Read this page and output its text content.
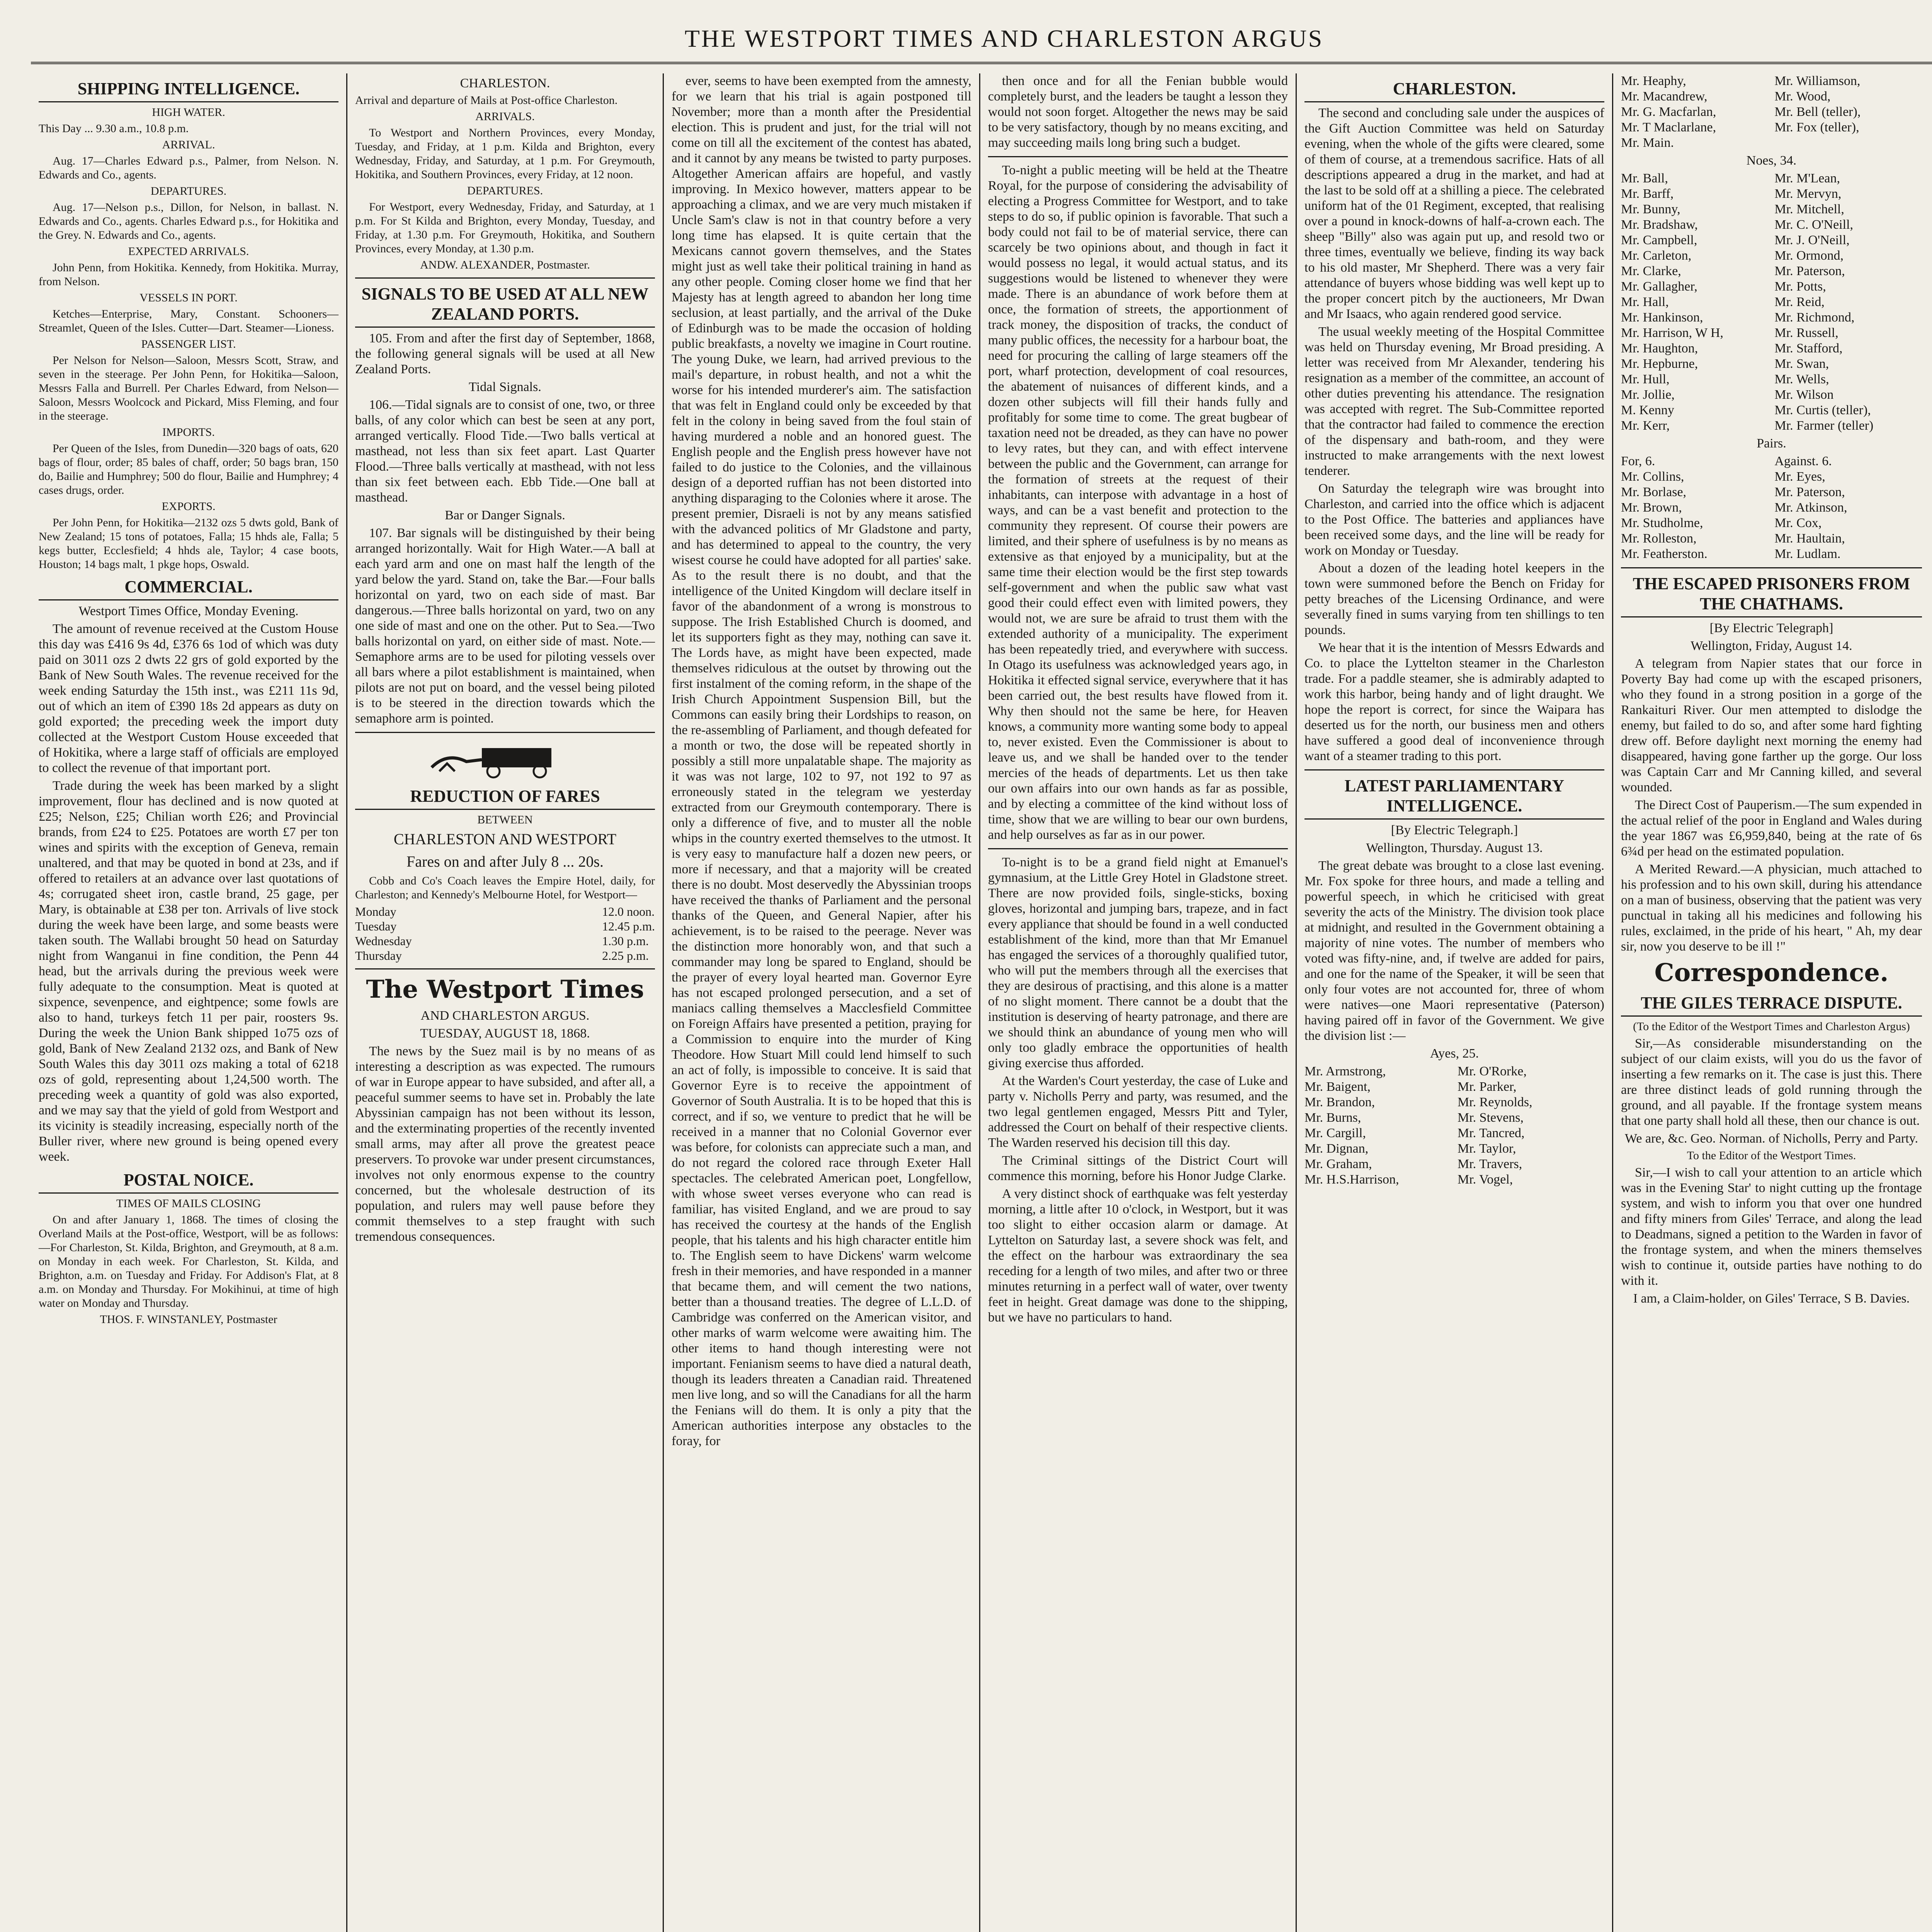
THE WESTPORT TIMES AND CHARLESTON ARGUS
SHIPPING INTELLIGENCE.
HIGH WATER.
This Day ... 9.30 a.m., 10.8 p.m.
ARRIVAL.

Aug. 17—Charles Edward p.s., Palmer, from Nelson. N. Edwards and Co., agents.

DEPARTURES.

Aug. 17—Nelson p.s., Dillon, for Nelson, in ballast. N. Edwards and Co., agents. Charles Edward p.s., for Hokitika and the Grey. N. Edwards and Co., agents.

EXPECTED ARRIVALS.

John Penn, from Hokitika. Kennedy, from Hokitika. Murray, from Nelson.

VESSELS IN PORT.

Ketches—Enterprise, Mary, Constant. Schooners—Streamlet, Queen of the Isles. Cutter—Dart. Steamer—Lioness.

PASSENGER LIST.

Per Nelson for Nelson—Saloon, Messrs Scott, Straw, and seven in the steerage. Per John Penn, for Hokitika—Saloon, Messrs Falla and Burrell. Per Charles Edward, from Nelson—Saloon, Messrs Woolcock and Pickard, Miss Fleming, and four in the steerage.

IMPORTS.

Per Queen of the Isles, from Dunedin—320 bags of oats, 620 bags of flour, order; 85 bales of chaff, order; 50 bags bran, 150 do, Bailie and Humphrey; 500 do flour, Bailie and Humphrey; 4 cases drugs, order.

EXPORTS.

Per John Penn, for Hokitika—2132 ozs 5 dwts gold, Bank of New Zealand; 15 tons of potatoes, Falla; 15 hhds ale, Falla; 5 kegs butter, Ecclesfield; 4 hhds ale, Taylor; 4 case boots, Houston; 14 bags malt, 1 pkge hops, Oswald.

COMMERCIAL.
Westport Times Office, Monday Evening.

The amount of revenue received at the Custom House this day was £416 9s 4d, £376 6s 1od of which was duty paid on 3011 ozs 2 dwts 22 grs of gold exported by the Bank of New South Wales. The revenue received for the week ending Saturday the 15th inst., was £211 11s 9d, out of which an item of £390 18s 2d appears as duty on gold exported; the preceding week the import duty collected at the Westport Custom House exceeded that of Hokitika, where a large staff of officials are employed to collect the revenue of that important port.

Trade during the week has been marked by a slight improvement, flour has declined and is now quoted at £25; Nelson, £25; Chilian worth £26; and Provincial brands, from £24 to £25. Potatoes are worth £7 per ton wines and spirits with the exception of Geneva, remain unaltered, and that may be quoted in bond at 23s, and if offered to retailers at an advance over last quotations of 4s; corrugated sheet iron, castle brand, 25 gage, per Mary, is obtainable at £38 per ton. Arrivals of live stock during the week have been large, and some beasts were taken south. The Wallabi brought 50 head on Saturday night from Wanganui in fine condition, the Penn 44 head, but the arrivals during the previous week were fully adequate to the consumption. Meat is quoted at sixpence, sevenpence, and eightpence; some fowls are also to hand, turkeys fetch 11 per pair, roosters 9s. During the week the Union Bank shipped 1o75 ozs of gold, Bank of New Zealand 2132 ozs, and Bank of New South Wales this day 3011 ozs making a total of 6218 ozs of gold, representing about 1,24,500 worth. The preceding week a quantity of gold was also exported, and we may say that the yield of gold from Westport and its vicinity is steadily increasing, especially north of the Buller river, where new ground is being opened every week.

POSTAL NOICE.
TIMES OF MAILS CLOSING

On and after January 1, 1868. The times of closing the Overland Mails at the Post-office, Westport, will be as follows:—For Charleston, St. Kilda, Brighton, and Greymouth, at 8 a.m. on Monday in each week. For Charleston, St. Kilda, and Brighton, a.m. on Tuesday and Friday. For Addison's Flat, at 8 a.m. on Monday and Thursday. For Mokihinui, at time of high water on Monday and Thursday.

THOS. F. WINSTANLEY, Postmaster
CHARLESTON.
Arrival and departure of Mails at Post-office Charleston.
ARRIVALS.

To Westport and Northern Provinces, every Monday, Tuesday, and Friday, at 1 p.m. Kilda and Brighton, every Wednesday, Friday, and Saturday, at 1 p.m. For Greymouth, Hokitika, and Southern Provinces, every Friday, at 12 noon.

DEPARTURES.

For Westport, every Wednesday, Friday, and Saturday, at 1 p.m. For St Kilda and Brighton, every Monday, Tuesday, and Friday, at 1.30 p.m. For Greymouth, Hokitika, and Southern Provinces, every Monday, at 1.30 p.m.

ANDW. ALEXANDER, Postmaster.
SIGNALS TO BE USED AT ALL NEW ZEALAND PORTS.

105. From and after the first day of September, 1868, the following general signals will be used at all New Zealand Ports.

Tidal Signals.

106.—Tidal signals are to consist of one, two, or three balls, of any color which can best be seen at any port, arranged vertically. Flood Tide.—Two balls vertical at masthead, not less than six feet apart. Last Quarter Flood.—Three balls vertically at masthead, with not less than six feet between each. Ebb Tide.—One ball at masthead.

Bar or Danger Signals.

107. Bar signals will be distinguished by their being arranged horizontally. Wait for High Water.—A ball at each yard arm and one on mast half the length of the yard below the yard. Stand on, take the Bar.—Four balls horizontal on yard, two on each side of mast. Bar dangerous.—Three balls horizontal on yard, two on any one side of mast and one on the other. Put to Sea.—Two balls horizontal on yard, on either side of mast. Note.—Semaphore arms are to be used for piloting vessels over all bars where a pilot establishment is maintained, when pilots are not put on board, and the vessel being piloted is to be steered in the direction towards which the semaphore arm is pointed.

REDUCTION OF FARES
BETWEEN
CHARLESTON AND WESTPORT
Fares on and after July 8 ... 20s.

Cobb and Co's Coach leaves the Empire Hotel, daily, for Charleston; and Kennedy's Melbourne Hotel, for Westport—

Monday	12.0 noon.
Tuesday	12.45 p.m.
Wednesday	1.30 p.m.
Thursday	2.25 p.m.
The Westport Times
AND CHARLESTON ARGUS.
TUESDAY, AUGUST 18, 1868.

The news by the Suez mail is by no means of as interesting a description as was expected. The rumours of war in Europe appear to have subsided, and after all, a peaceful summer seems to have set in. Probably the late Abyssinian campaign has not been without its lesson, and the exterminating properties of the recently invented small arms, may after all prove the greatest peace preservers. To provoke war under present circumstances, involves not only enormous expense to the country concerned, but the wholesale destruction of its population, and rulers may well pause before they commit themselves to a step fraught with such tremendous consequences.

ever, seems to have been exempted from the amnesty, for we learn that his trial is again postponed till November; more than a month after the Presidential election. This is prudent and just, for the trial will not come on till all the excitement of the contest has abated, and it cannot by any means be twisted to party purposes. Altogether American affairs are hopeful, and vastly improving. In Mexico however, matters appear to be approaching a climax, and we are very much mistaken if Uncle Sam's claw is not in that country before a very long time has elapsed. It is quite certain that the Mexicans cannot govern themselves, and the States might just as well take their political training in hand as any other people. Coming closer home we find that her Majesty has at length agreed to abandon her long time seclusion, at least partially, and the arrival of the Duke of Edinburgh was to be made the occasion of holding public breakfasts, a novelty we imagine in Court routine. The young Duke, we learn, had arrived previous to the mail's departure, in robust health, and not a whit the worse for his intended murderer's aim. The satisfaction that was felt in England could only be exceeded by that felt in the colony in being saved from the foul stain of having murdered a noble and an honored guest. The English people and the English press however have not failed to do justice to the Colonies, and the villainous design of a deported ruffian has not been distorted into anything disparaging to the Colonies where it arose. The present premier, Disraeli is not by any means satisfied with the advanced politics of Mr Gladstone and party, and has determined to appeal to the country, the very wisest course he could have adopted for all parties' sake. As to the result there is no doubt, and that the intelligence of the United Kingdom will declare itself in favor of the abandonment of a wrong is monstrous to suppose. The Irish Established Church is doomed, and let its supporters fight as they may, nothing can save it. The Lords have, as might have been expected, made themselves ridiculous at the outset by throwing out the first instalment of the coming reform, in the shape of the Irish Church Appointment Suspension Bill, but the Commons can easily bring their Lordships to reason, on the re-assembling of Parliament, and though defeated for a month or two, the dose will be repeated shortly in possibly a still more unpalatable shape. The majority as it was was not large, 102 to 97, not 192 to 97 as erroneously stated in the telegram we yesterday extracted from our Greymouth contemporary. There is only a difference of five, and to muster all the noble whips in the country exerted themselves to the utmost. It is very easy to manufacture half a dozen new peers, or more if necessary, and that a majority will be created there is no doubt. Most deservedly the Abyssinian troops have received the thanks of Parliament and the personal thanks of the Queen, and General Napier, after his achievement, is to be raised to the peerage. Never was the distinction more honorably won, and that such a commander may long be spared to England, should be the prayer of every loyal hearted man. Governor Eyre has not escaped prolonged persecution, and a set of maniacs calling themselves a Macclesfield Committee on Foreign Affairs have presented a petition, praying for a Commission to enquire into the murder of King Theodore. How Stuart Mill could lend himself to such an act of folly, is impossible to conceive. It is said that Governor Eyre is to receive the appointment of Governor of South Australia. It is to be hoped that this is correct, and if so, we venture to predict that he will be received in a manner that no Colonial Governor ever was before, for colonists can appreciate such a man, and do not regard the colored race through Exeter Hall spectacles. The celebrated American poet, Longfellow, with whose sweet verses everyone who can read is familiar, has visited England, and we are proud to say has received the courtesy at the hands of the English people, that his talents and his high character entitle him to. The English seem to have Dickens' warm welcome fresh in their memories, and have responded in a manner that became them, and will cement the two nations, better than a thousand treaties. The degree of L.L.D. of Cambridge was conferred on the American visitor, and other marks of warm welcome were awaiting him. The other items to hand though interesting were not important. Fenianism seems to have died a natural death, though its leaders threaten a Canadian raid. Threatened men live long, and so will the Canadians for all the harm the Fenians will do them. It is only a pity that the American authorities interpose any obstacles to the foray, for

then once and for all the Fenian bubble would completely burst, and the leaders be taught a lesson they would not soon forget. Altogether the news may be said to be very satisfactory, though by no means exciting, and may succeeding mails long bring such a budget.

To-night a public meeting will be held at the Theatre Royal, for the purpose of considering the advisability of electing a Progress Committee for Westport, and to take steps to do so, if public opinion is favorable. That such a body could not fail to be of material service, there can scarcely be two opinions about, and though in fact it would possess no legal, it would actual status, and its suggestions would be listened to whenever they were made. There is an abundance of work before them at once, the formation of streets, the apportionment of track money, the disposition of tracks, the conduct of many public offices, the necessity for a harbour boat, the need for procuring the calling of large steamers off the port, wharf protection, development of coal resources, the abatement of nuisances of different kinds, and a dozen other subjects will fill their hands fully and profitably for some time to come. The great bugbear of taxation need not be dreaded, as they can have no power to levy rates, but they can, and with effect intervene between the public and the Government, can arrange for the formation of streets at the request of their inhabitants, can interpose with advantage in a host of ways, and can be a vast benefit and protection to the community they represent. Of course their powers are limited, and their sphere of usefulness is by no means as extensive as that enjoyed by a municipality, but at the same time their election would be the first step towards self-government and when the public saw what vast good their could effect even with limited powers, they would not, we are sure be afraid to trust them with the extended authority of a municipality. The experiment has been repeatedly tried, and everywhere with success. In Otago its usefulness was acknowledged years ago, in Hokitika it effected signal service, everywhere that it has been carried out, the best results have flowed from it. Why then should not the same be here, for Heaven knows, a community more wanting some body to appeal to, never existed. Even the Commissioner is about to leave us, and we shall be handed over to the tender mercies of the heads of departments. Let us then take our own affairs into our own hands as far as possible, and by electing a committee of the kind without loss of time, show that we are willing to bear our own burdens, and help ourselves as far as in our power.

To-night is to be a grand field night at Emanuel's gymnasium, at the Little Grey Hotel in Gladstone street. There are now provided foils, single-sticks, boxing gloves, horizontal and jumping bars, trapeze, and in fact every appliance that should be found in a well conducted establishment of the kind, more than that Mr Emanuel has engaged the services of a thoroughly qualified tutor, who will put the members through all the exercises that they are desirous of practising, and this alone is a matter of no slight moment. There cannot be a doubt that the institution is deserving of hearty patronage, and there are we should think an abundance of young men who will only too gladly embrace the opportunities of health giving exercise thus afforded.

At the Warden's Court yesterday, the case of Luke and party v. Nicholls Perry and party, was resumed, and the two legal gentlemen engaged, Messrs Pitt and Tyler, addressed the Court on behalf of their respective clients. The Warden reserved his decision till this day.

The Criminal sittings of the District Court will commence this morning, before his Honor Judge Clarke.

A very distinct shock of earthquake was felt yesterday morning, a little after 10 o'clock, in Westport, but it was too slight to either occasion alarm or damage. At Lyttelton on Saturday last, a severe shock was felt, and the effect on the harbour was extraordinary the sea receding for a length of two miles, and after two or three minutes returning in a perfect wall of water, over twenty feet in height. Great damage was done to the shipping, but we have no particulars to hand.

CHARLESTON.

The second and concluding sale under the auspices of the Gift Auction Committee was held on Saturday evening, when the whole of the gifts were cleared, some of them of course, at a tremendous sacrifice. Hats of all descriptions appeared a drug in the market, and had at the last to be sold off at a shilling a piece. The celebrated uniform hat of the 01 Regiment, excepted, that realising over a pound in knock-downs of half-a-crown each. The sheep "Billy" also was again put up, and resold two or three times, eventually we believe, finding its way back to his old master, Mr Shepherd. There was a very fair attendance of buyers whose bidding was well kept up to the proper concert pitch by the auctioneers, Mr Dwan and Mr Isaacs, who again rendered good service.

The usual weekly meeting of the Hospital Committee was held on Thursday evening, Mr Broad presiding. A letter was received from Mr Alexander, tendering his resignation as a member of the committee, an account of other duties preventing his attendance. The resignation was accepted with regret. The Sub-Committee reported that the contractor had failed to commence the erection of the dispensary and bath-room, and they were instructed to make arrangements with the next lowest tenderer.

On Saturday the telegraph wire was brought into Charleston, and carried into the office which is adjacent to the Post Office. The batteries and appliances have been received some days, and the line will be ready for work on Monday or Tuesday.

About a dozen of the leading hotel keepers in the town were summoned before the Bench on Friday for petty breaches of the Licensing Ordinance, and were severally fined in sums varying from ten shillings to ten pounds.

We hear that it is the intention of Messrs Edwards and Co. to place the Lyttelton steamer in the Charleston trade. For a paddle steamer, she is admirably adapted to work this harbor, being handy and of light draught. We hope the report is correct, for since the Waipara has deserted us for the north, our business men and others have suffered a good deal of inconvenience through want of a steamer trading to this port.

LATEST PARLIAMENTARY INTELLIGENCE.
[By Electric Telegraph.]
Wellington, Thursday. August 13.

The great debate was brought to a close last evening. Mr. Fox spoke for three hours, and made a telling and powerful speech, in which he criticised with great severity the acts of the Ministry. The division took place at midnight, and resulted in the Government obtaining a majority of nine votes. The number of members who voted was fifty-nine, and, if twelve are added for pairs, and one for the name of the Speaker, it will be seen that only four votes are not accounted for, three of whom were natives—one Maori representative (Paterson) having paired off in favor of the Government. We give the division list :—

Ayes, 25.
Mr. Armstrong,	Mr. O'Rorke,
Mr. Baigent,	Mr. Parker,
Mr. Brandon,	Mr. Reynolds,
Mr. Burns,	Mr. Stevens,
Mr. Cargill,	Mr. Tancred,
Mr. Dignan,	Mr. Taylor,
Mr. Graham,	Mr. Travers,
Mr. H.S.Harrison,	Mr. Vogel,
Mr. Heaphy,	Mr. Williamson,
Mr. Macandrew,	Mr. Wood,
Mr. G. Macfarlan,	Mr. Bell (teller),
Mr. T Maclarlane,	Mr. Fox (teller),
Mr. Main.
Noes, 34.
Mr. Ball,	Mr. M'Lean,
Mr. Barff,	Mr. Mervyn,
Mr. Bunny,	Mr. Mitchell,
Mr. Bradshaw,	Mr. C. O'Neill,
Mr. Campbell,	Mr. J. O'Neill,
Mr. Carleton,	Mr. Ormond,
Mr. Clarke,	Mr. Paterson,
Mr. Gallagher,	Mr. Potts,
Mr. Hall,	Mr. Reid,
Mr. Hankinson,	Mr. Richmond,
Mr. Harrison, W H,	Mr. Russell,
Mr. Haughton,	Mr. Stafford,
Mr. Hepburne,	Mr. Swan,
Mr. Hull,	Mr. Wells,
Mr. Jollie,	Mr. Wilson
M. Kenny	Mr. Curtis (teller),
Mr. Kerr,	Mr. Farmer (teller)
Pairs.
For, 6.	Against. 6.
Mr. Collins,	Mr. Eyes,
Mr. Borlase,	Mr. Paterson,
Mr. Brown,	Mr. Atkinson,
Mr. Studholme,	Mr. Cox,
Mr. Rolleston,	Mr. Haultain,
Mr. Featherston.	Mr. Ludlam.
THE ESCAPED PRISONERS FROM THE CHATHAMS.
[By Electric Telegraph]
Wellington, Friday, August 14.

A telegram from Napier states that our force in Poverty Bay had come up with the escaped prisoners, who they found in a strong position in a gorge of the Rankaituri River. Our men attempted to dislodge the enemy, but failed to do so, and after some hard fighting drew off. Before daylight next morning the enemy had disappeared, having gone farther up the gorge. Our loss was Captain Carr and Mr Canning killed, and several wounded.

The Direct Cost of Pauperism.—The sum expended in the actual relief of the poor in England and Wales during the year 1867 was £6,959,840, being at the rate of 6s 6¾d per head on the estimated population.

A Merited Reward.—A physician, much attached to his profession and to his own skill, during his attendance on a man of business, observing that the patient was very punctual in taking all his medicines and following his rules, exclaimed, in the pride of his heart, " Ah, my dear sir, now you deserve to be ill !"

Correspondence.
THE GILES TERRACE DISPUTE.
(To the Editor of the Westport Times and Charleston Argus)

Sir,—As considerable misunderstanding on the subject of our claim exists, will you do us the favor of inserting a few remarks on it. The case is just this. There are three distinct leads of gold running through the ground, and all payable. If the frontage system means that one party shall hold all these, then our chance is out.

We are, &c. Geo. Norman. of Nicholls, Perry and Party.
To the Editor of the Westport Times.

Sir,—I wish to call your attention to an article which was in the Evening Star' to night cutting up the frontage system, and wish to inform you that over one hundred and fifty miners from Giles' Terrace, and along the lead to Deadmans, signed a petition to the Warden in favor of the frontage system, and when the miners themselves wish to continue it, outside parties have nothing to do with it.

I am, a Claim-holder, on Giles' Terrace, S B. Davies.
